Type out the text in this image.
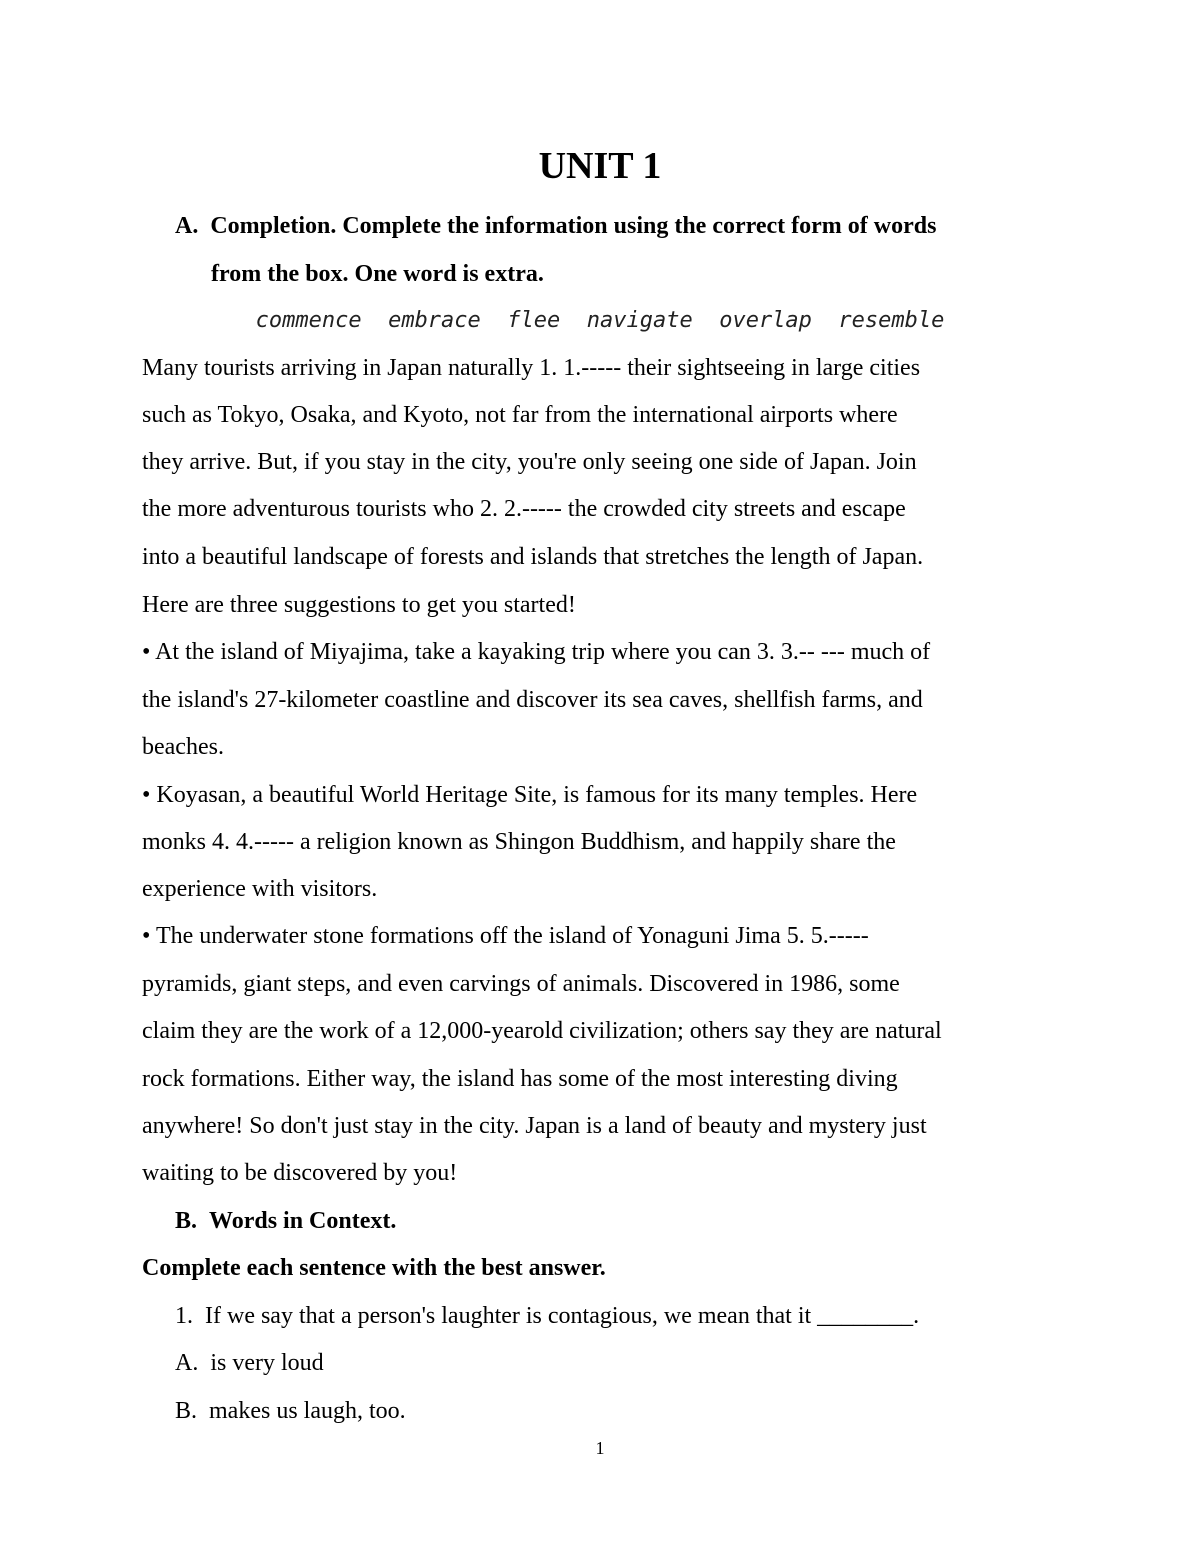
UNIT 1
A. Completion. Complete the information using the correct form of words
from the box. One word is extra.
commence  embrace  flee  navigate  overlap  resemble
Many tourists arriving in Japan naturally 1. 1.----- their sightseeing in large cities
such as Tokyo, Osaka, and Kyoto, not far from the international airports where
they arrive. But, if you stay in the city, you're only seeing one side of Japan. Join
the more adventurous tourists who 2. 2.----- the crowded city streets and escape
into a beautiful landscape of forests and islands that stretches the length of Japan.
Here are three suggestions to get you started!
• At the island of Miyajima, take a kayaking trip where you can 3. 3.-- --- much of
the island's 27-kilometer coastline and discover its sea caves, shellfish farms, and
beaches.
• Koyasan, a beautiful World Heritage Site, is famous for its many temples. Here
monks 4. 4.----- a religion known as Shingon Buddhism, and happily share the
experience with visitors.
• The underwater stone formations off the island of Yonaguni Jima 5. 5.-----
pyramids, giant steps, and even carvings of animals. Discovered in 1986, some
claim they are the work of a 12,000-yearold civilization; others say they are natural
rock formations. Either way, the island has some of the most interesting diving
anywhere! So don't just stay in the city. Japan is a land of beauty and mystery just
waiting to be discovered by you!
B. Words in Context.
Complete each sentence with the best answer.
1. If we say that a person's laughter is contagious, we mean that it ________.
A. is very loud
B. makes us laugh, too.
1
